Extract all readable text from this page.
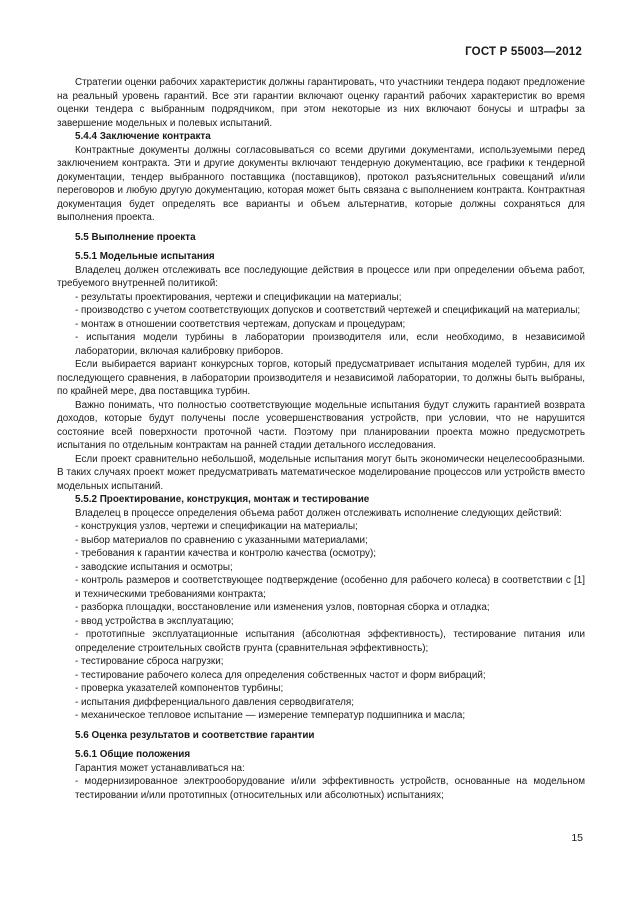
ГОСТ Р 55003—2012

Стратегии оценки рабочих характеристик должны гарантировать, что участники тендера подают предложение на реальный уровень гарантий. Все эти гарантии включают оценку гарантий рабочих характеристик во время оценки тендера с выбранным подрядчиком, при этом некоторые из них включают бонусы и штрафы за завершение модельных и полевых испытаний.

5.4.4 Заключение контракта

Контрактные документы должны согласовываться со всеми другими документами, используемыми перед заключением контракта. Эти и другие документы включают тендерную документацию, все графики к тендерной документации, тендер выбранного поставщика (поставщиков), протокол разъяснительных совещаний и/или переговоров и любую другую документацию, которая может быть связана с выполнением контракта. Контрактная документация будет определять все варианты и объем альтернатив, которые должны сохраняться для выполнения проекта.

5.5 Выполнение проекта
5.5.1 Модельные испытания

Владелец должен отслеживать все последующие действия в процессе или при определении объема работ, требуемого внутренней политикой:

- результаты проектирования, чертежи и спецификации на материалы;

- производство с учетом соответствующих допусков и соответствий чертежей и спецификаций на материалы;

- монтаж в отношении соответствия чертежам, допускам и процедурам;

- испытания модели турбины в лаборатории производителя или, если необходимо, в независимой лаборатории, включая калибровку приборов.

Если выбирается вариант конкурсных торгов, который предусматривает испытания моделей турбин, для их последующего сравнения, в лаборатории производителя и независимой лаборатории, то должны быть выбраны, по крайней мере, два поставщика турбин.

Важно понимать, что полностью соответствующие модельные испытания будут служить гарантией возврата доходов, которые будут получены после усовершенствования устройств, при условии, что не нарушится состояние всей поверхности проточной части. Поэтому при планировании проекта можно предусмотреть испытания по отдельным контрактам на ранней стадии детального исследования.

Если проект сравнительно небольшой, модельные испытания могут быть экономически нецелесообразными. В таких случаях проект может предусматривать математическое моделирование процессов или устройств вместо модельных испытаний.

5.5.2 Проектирование, конструкция, монтаж и тестирование

Владелец в процессе определения объема работ должен отслеживать исполнение следующих действий:

- конструкция узлов, чертежи и спецификации на материалы;

- выбор материалов по сравнению с указанными материалами;

- требования к гарантии качества и контролю качества (осмотру);

- заводские испытания и осмотры;

- контроль размеров и соответствующее подтверждение (особенно для рабочего колеса) в соответствии с [1] и техническими требованиями контракта;

- разборка площадки, восстановление или изменения узлов, повторная сборка и отладка;

- ввод устройства в эксплуатацию;

- прототипные эксплуатационные испытания (абсолютная эффективность), тестирование питания или определение строительных свойств грунта (сравнительная эффективность);

- тестирование сброса нагрузки;

- тестирование рабочего колеса для определения собственных частот и форм вибраций;

- проверка указателей компонентов турбины;

- испытания дифференциального давления серводвигателя;

- механическое тепловое испытание — измерение температур подшипника и масла;

5.6 Оценка результатов и соответствие гарантии
5.6.1 Общие положения

Гарантия может устанавливаться на:

- модернизированное электрооборудование и/или эффективность устройств, основанные на модельном тестировании и/или прототипных (относительных или абсолютных) испытаниях;

15
